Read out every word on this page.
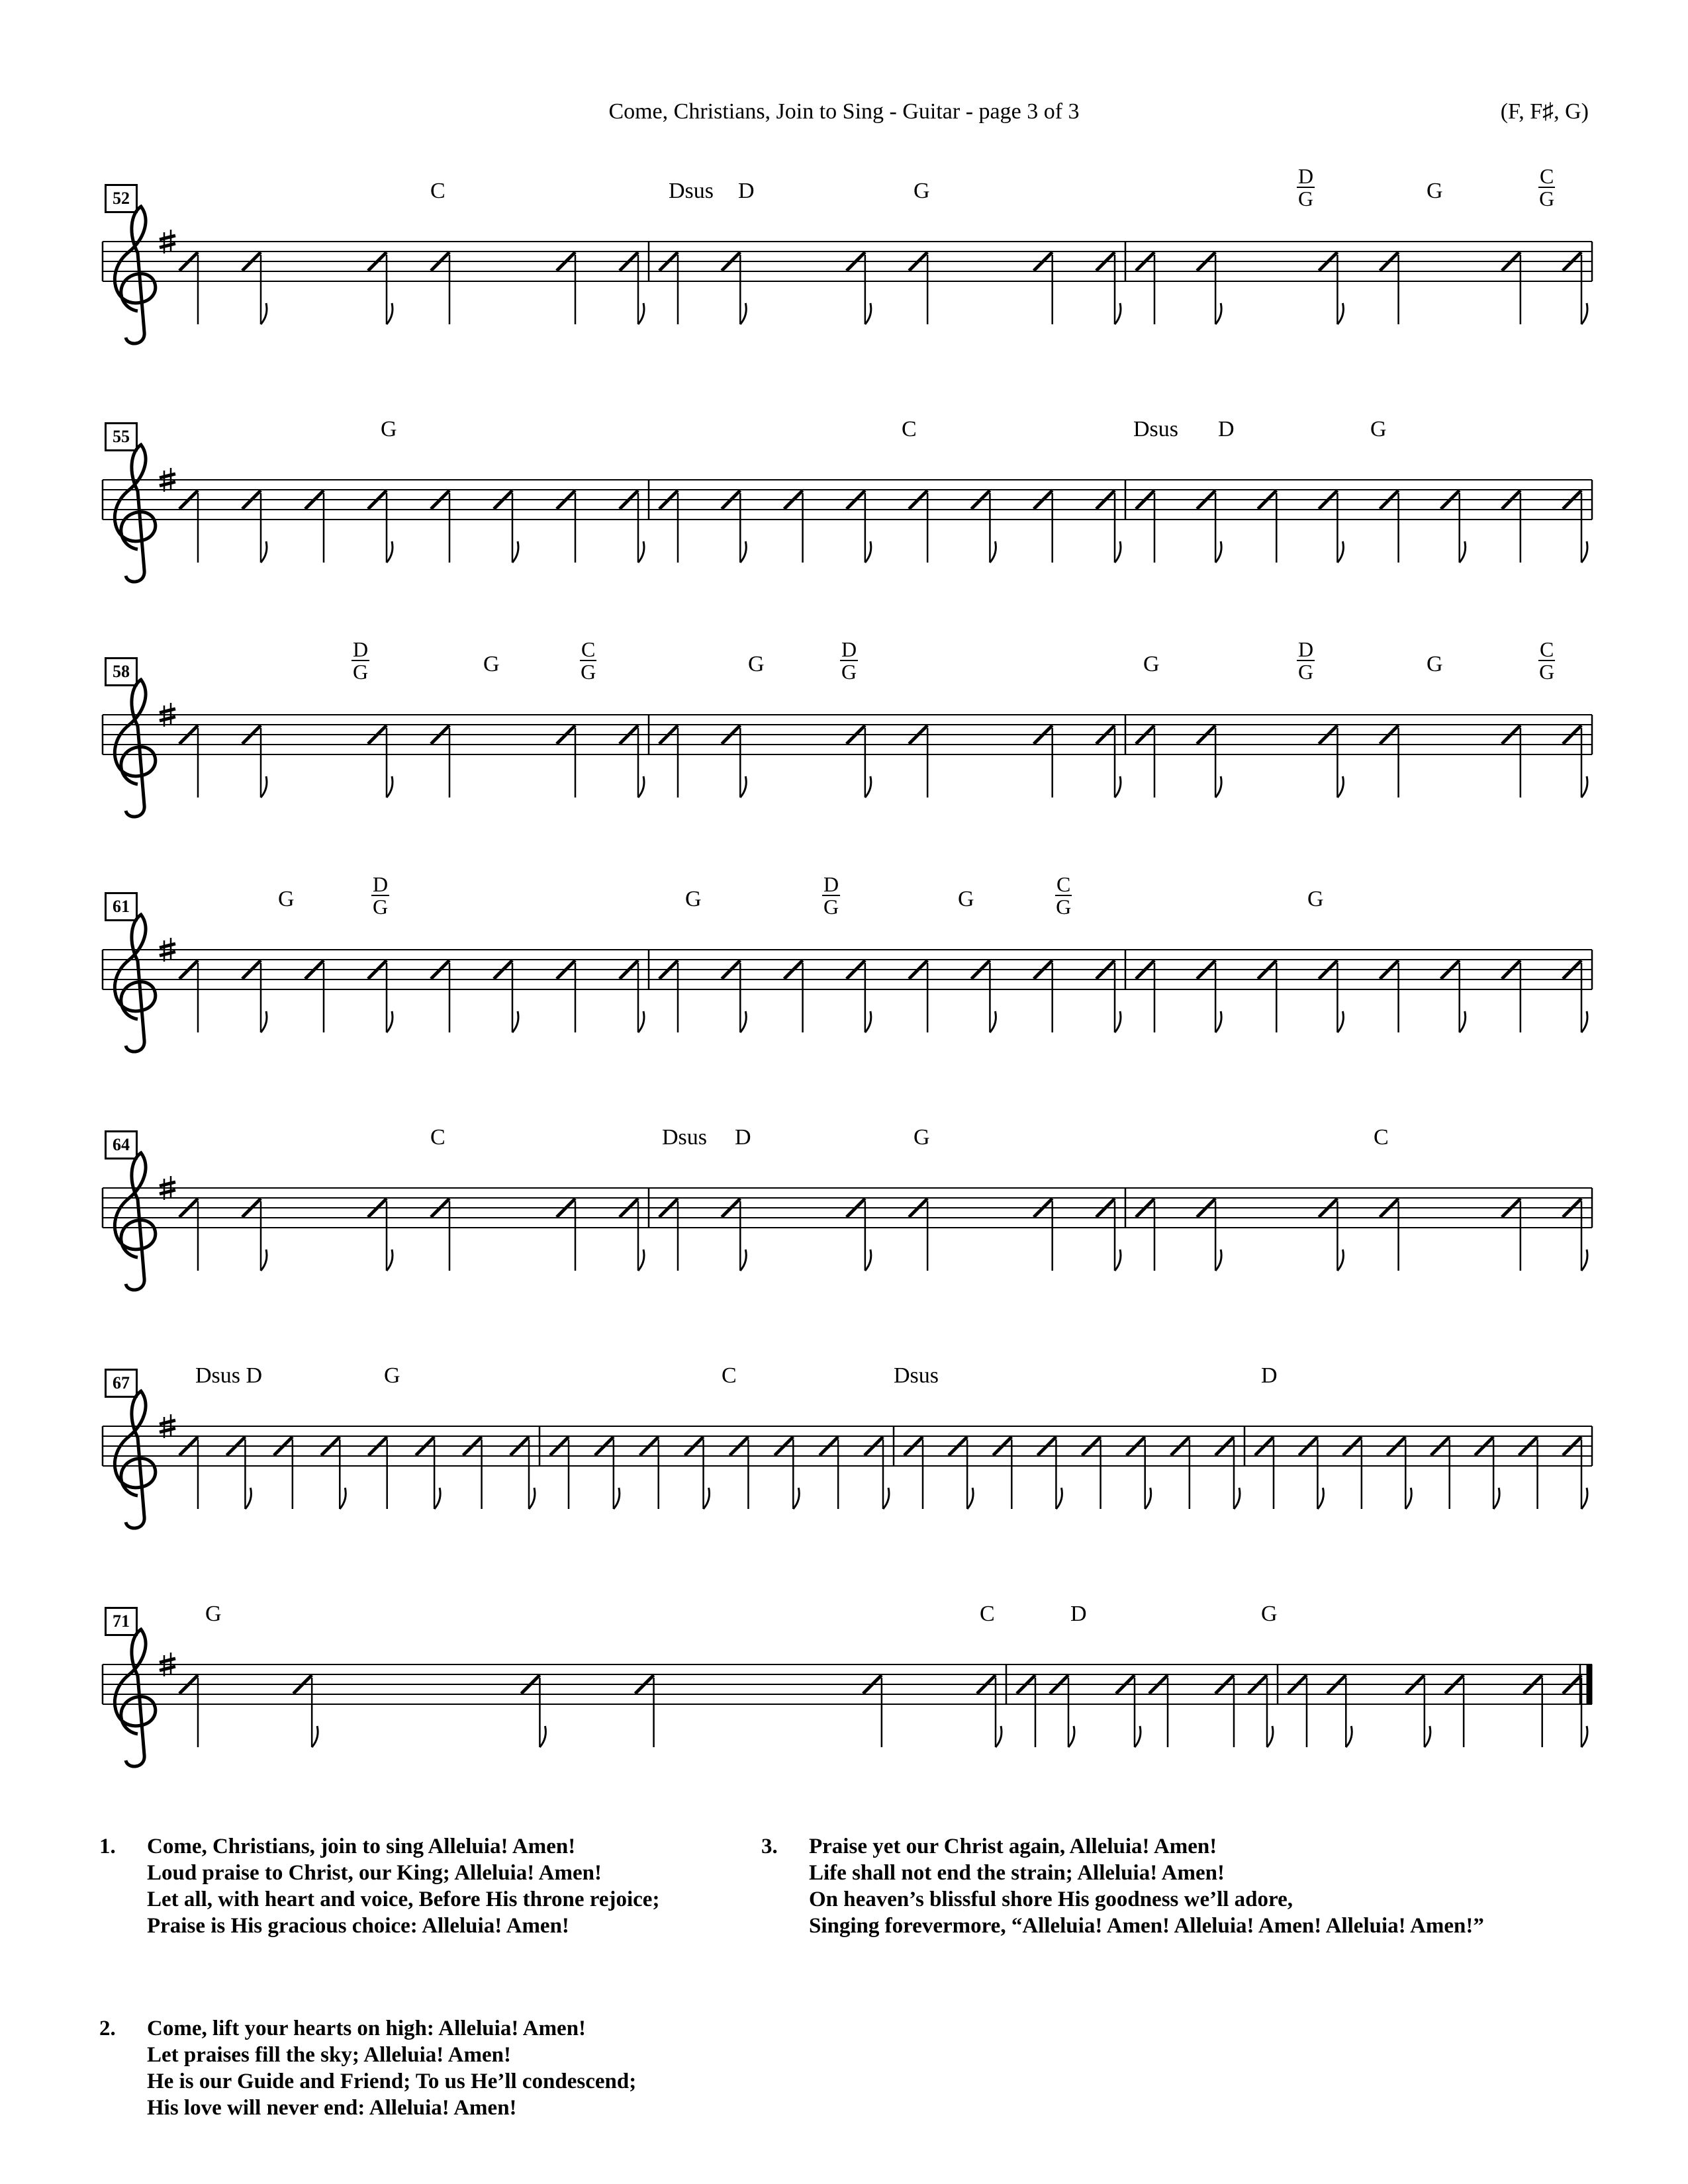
Come, Christians, Join to Sing - Guitar - page 3 of 3	(F, F♯, G)
52	C	Dsus D	G	$\frac{D}{G}$	G	$\frac{C}{G}$
55	G	C	Dsus D	G
58	$\frac{D}{G}$	G	$\frac{C}{G}$	G	$\frac{D}{G}$	G	$\frac{D}{G}$	G	$\frac{C}{G}$
61	G	$\frac{D}{G}$	G	$\frac{D}{G}$	G	$\frac{C}{G}$	G
64	C	Dsus D	G	C
67	Dsus D	G	C	Dsus	D
71	G	C	D	G
1. Come, Christians, join to sing Alleluia! Amen!
Loud praise to Christ, our King; Alleluia! Amen!
Let all, with heart and voice, Before His throne rejoice;
Praise is His gracious choice: Alleluia! Amen!
2. Come, lift your hearts on high: Alleluia! Amen!
Let praises fill the sky; Alleluia! Amen!
He is our Guide and Friend; To us He’ll condescend;
His love will never end: Alleluia! Amen!
3. Praise yet our Christ again, Alleluia! Amen!
Life shall not end the strain; Alleluia! Amen!
On heaven’s blissful shore His goodness we’ll adore,
Singing forevermore, “Alleluia! Amen! Alleluia! Amen! Alleluia! Amen!”
